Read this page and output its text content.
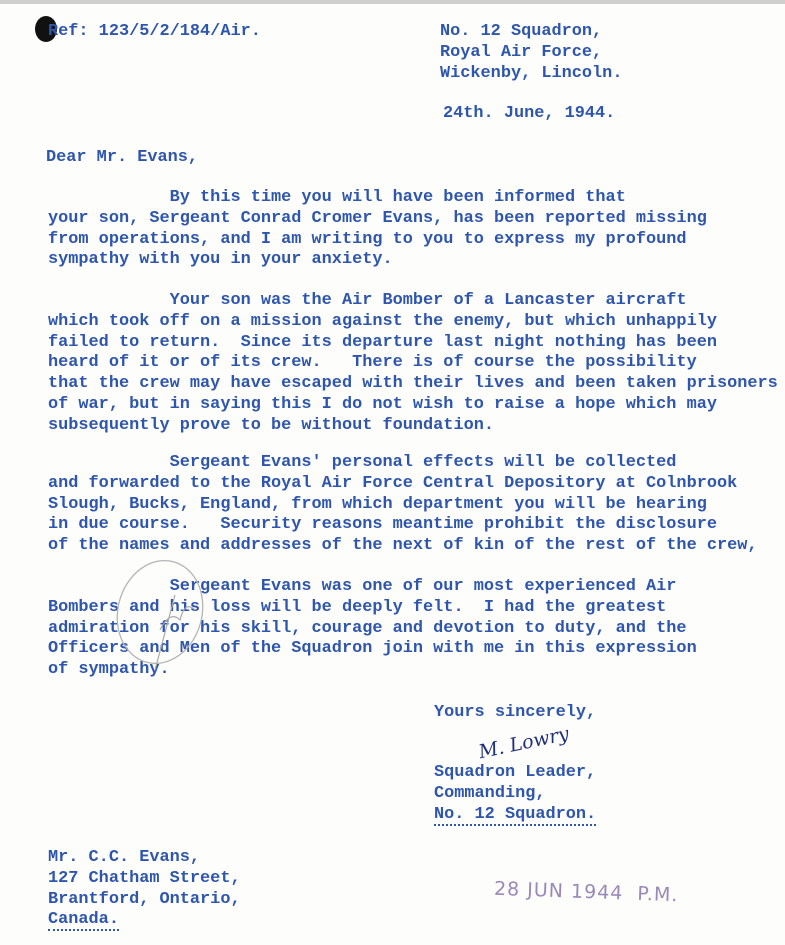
Ref: 123/5/2/184/Air.	No. 12 Squadron,
Royal Air Force,
Wickenby, Lincoln.
24th. June, 1944.
Dear Mr. Evans,
By this time you will have been informed that
your son, Sergeant Conrad Cromer Evans, has been reported missing
from operations, and I am writing to you to express my profound
sympathy with you in your anxiety.
Your son was the Air Bomber of a Lancaster aircraft
which took off on a mission against the enemy, but which unhappily
failed to return.  Since its departure last night nothing has been
heard of it or of its crew.   There is of course the possibility
that the crew may have escaped with their lives and been taken prisoners
of war, but in saying this I do not wish to raise a hope which may
subsequently prove to be without foundation.
Sergeant Evans' personal effects will be collected
and forwarded to the Royal Air Force Central Depository at Colnbrook
Slough, Bucks, England, from which department you will be hearing
in due course.   Security reasons meantime prohibit the disclosure
of the names and addresses of the next of kin of the rest of the crew,
Sergeant Evans was one of our most experienced Air
Bombers and his loss will be deeply felt.  I had the greatest
admiration for his skill, courage and devotion to duty, and the
Officers and Men of the Squadron join with me in this expression
of sympathy.
Yours sincerely,
M. Lowry
Squadron Leader,
Commanding,
No. 12 Squadron.
Mr. C.C. Evans,
127 Chatham Street,
Brantford, Ontario,
Canada.
28 JUN 1944  P.M.
